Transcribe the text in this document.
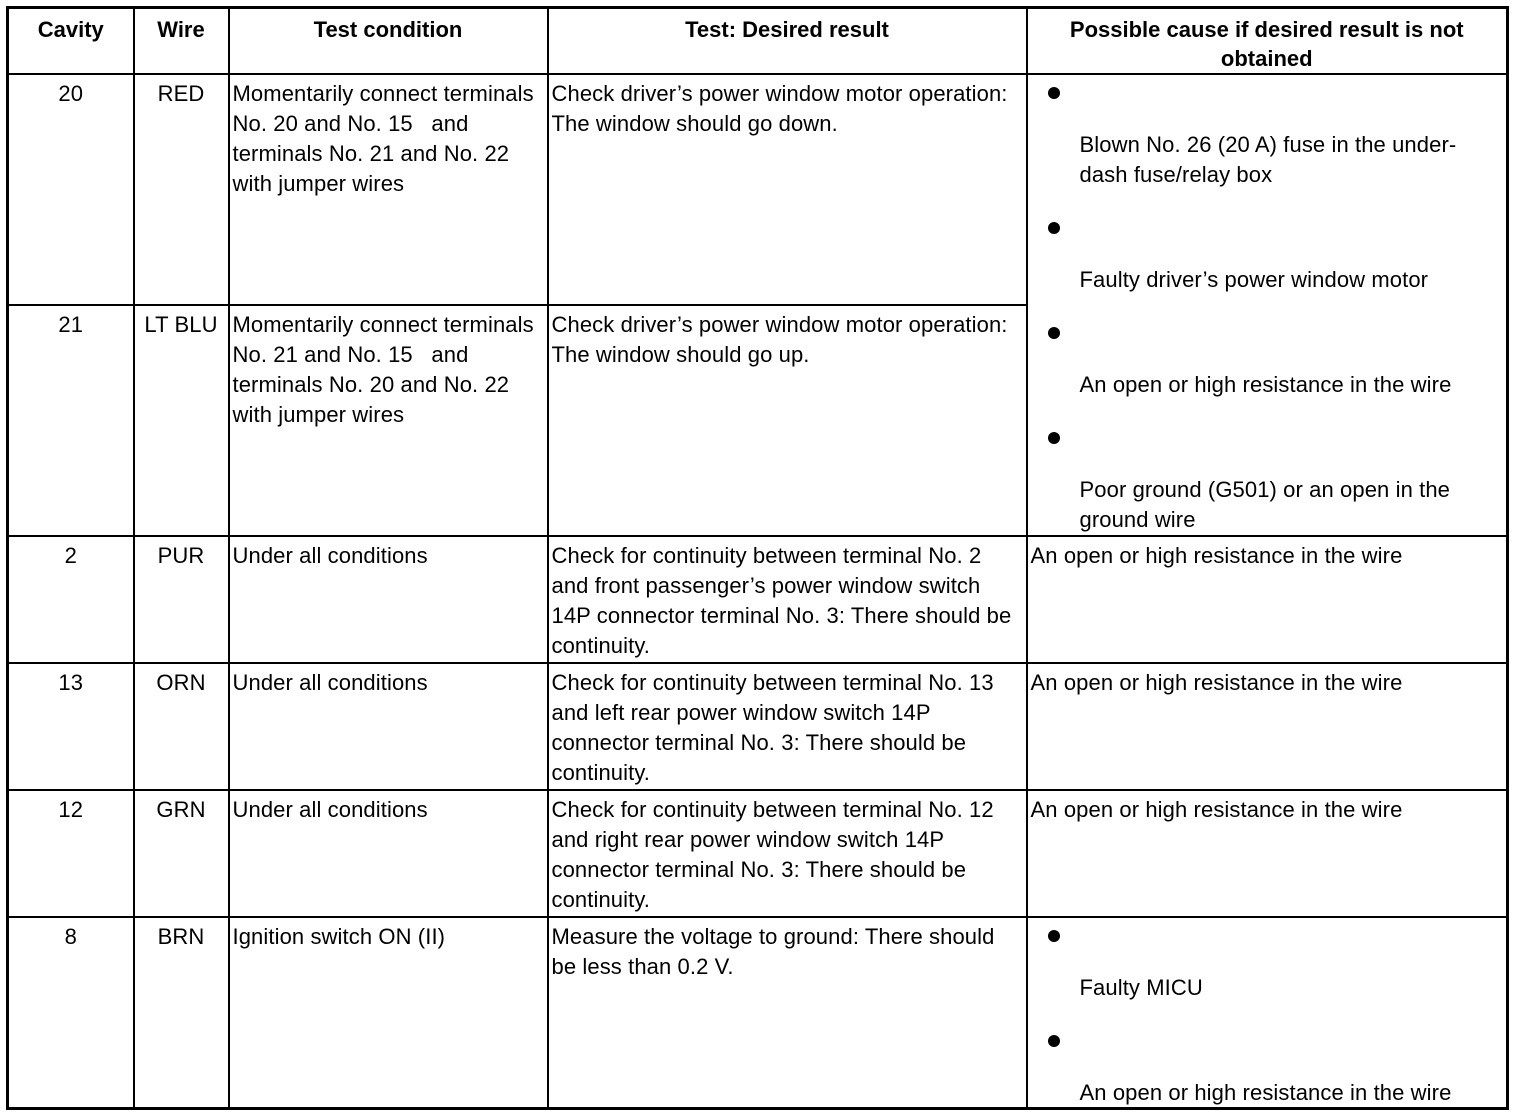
Cavity	Wire	Test condition	Test: Desired result	Possible cause if desired result is not obtained
20	RED	Momentarily connect terminals No. 20 and No. 15   and terminals No. 21 and No. 22   with jumper wires	Check driver’s power window motor operation: The window should go down.	Blown No. 26 (20 A) fuse in the under-dash fuse/relay box
Faulty driver’s power window motor
An open or high resistance in the wire
Poor ground (G501) or an open in the ground wire

21	LT BLU	Momentarily connect terminals No. 21 and No. 15   and terminals No. 20 and No. 22   with jumper wires	Check driver’s power window motor operation: The window should go up.	
2	PUR	Under all conditions	Check for continuity between terminal No. 2 and front passenger’s power window switch 14P connector terminal No. 3: There should be continuity.	An open or high resistance in the wire
13	ORN	Under all conditions	Check for continuity between terminal No. 13 and left rear power window switch 14P connector terminal No. 3: There should be continuity.	An open or high resistance in the wire
12	GRN	Under all conditions	Check for continuity between terminal No. 12 and right rear power window switch 14P connector terminal No. 3: There should be continuity.	An open or high resistance in the wire
8	BRN	Ignition switch ON (II)	Measure the voltage to ground: There should be less than 0.2 V.	Faulty MICU
An open or high resistance in the wire
